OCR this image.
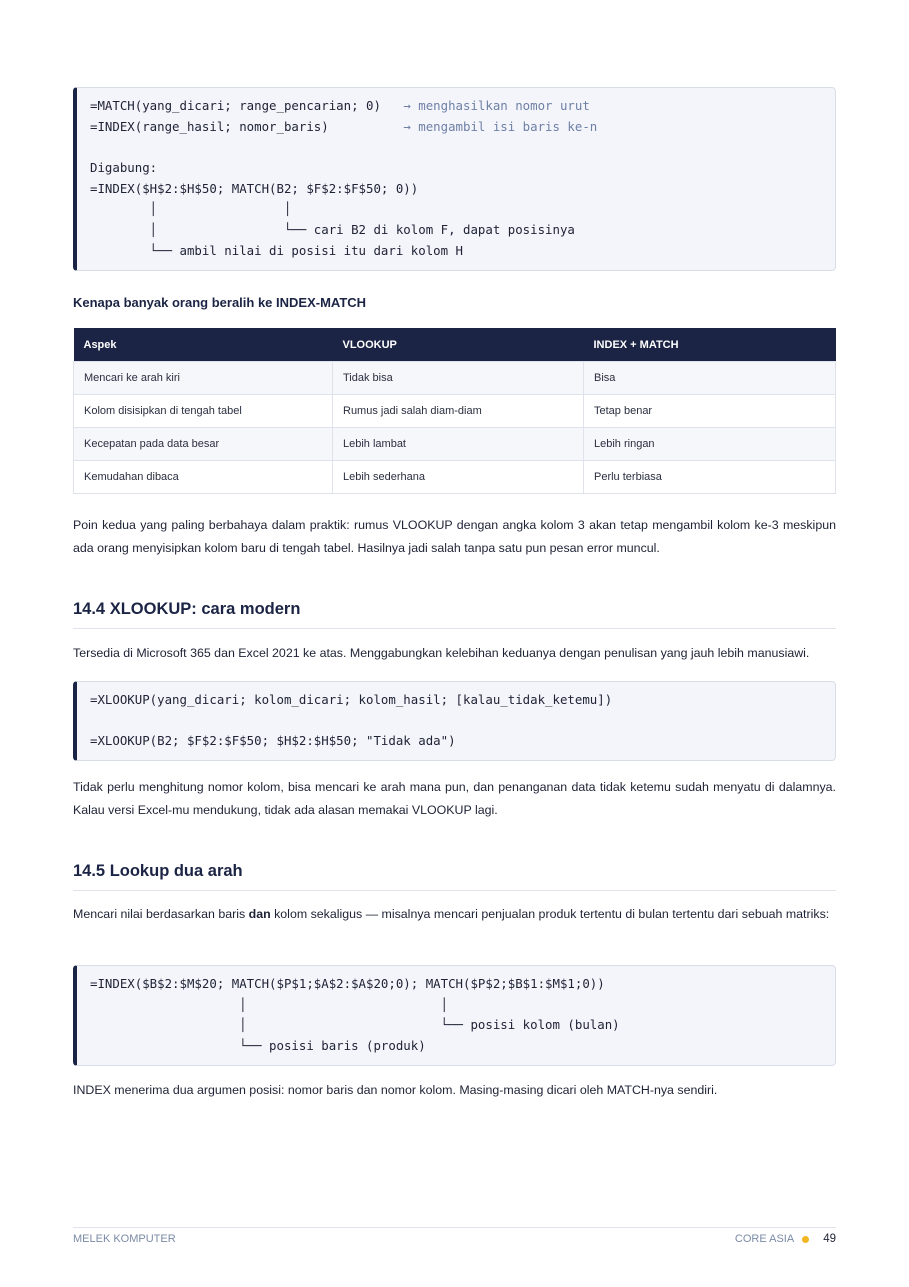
=MATCH(yang_dicari; range_pencarian; 0)   → menghasilkan nomor urut
=INDEX(range_hasil; nomor_baris)          → mengambil isi baris ke-n
Digabung:
=INDEX($H$2:$H$50; MATCH(B2; $F$2:$F$50; 0))
│                 │
│                 └── cari B2 di kolom F, dapat posisinya
└── ambil nilai di posisi itu dari kolom H
Kenapa banyak orang beralih ke INDEX-MATCH
Aspek	VLOOKUP	INDEX + MATCH
Mencari ke arah kiri	Tidak bisa	Bisa
Kolom disisipkan di tengah tabel	Rumus jadi salah diam-diam	Tetap benar
Kecepatan pada data besar	Lebih lambat	Lebih ringan
Kemudahan dibaca	Lebih sederhana	Perlu terbiasa
Poin kedua yang paling berbahaya dalam praktik: rumus VLOOKUP dengan angka kolom 3 akan tetap mengambil kolom ke-3 meskipun ada orang menyisipkan kolom baru di tengah tabel. Hasilnya jadi salah tanpa satu pun pesan error muncul.
14.4 XLOOKUP: cara modern
Tersedia di Microsoft 365 dan Excel 2021 ke atas. Menggabungkan kelebihan keduanya dengan penulisan yang jauh lebih manusiawi.
=XLOOKUP(yang_dicari; kolom_dicari; kolom_hasil; [kalau_tidak_ketemu])
=XLOOKUP(B2; $F$2:$F$50; $H$2:$H$50; "Tidak ada")
Tidak perlu menghitung nomor kolom, bisa mencari ke arah mana pun, dan penanganan data tidak ketemu sudah menyatu di dalamnya. Kalau versi Excel-mu mendukung, tidak ada alasan memakai VLOOKUP lagi.
14.5 Lookup dua arah
Mencari nilai berdasarkan baris dan kolom sekaligus — misalnya mencari penjualan produk tertentu di bulan tertentu dari sebuah matriks:
=INDEX($B$2:$M$20; MATCH($P$1;$A$2:$A$20;0); MATCH($P$2;$B$1:$M$1;0))
│                          │
│                          └── posisi kolom (bulan)
└── posisi baris (produk)
INDEX menerima dua argumen posisi: nomor baris dan nomor kolom. Masing-masing dicari oleh MATCH-nya sendiri.
MELEK KOMPUTER	CORE ASIA	49
